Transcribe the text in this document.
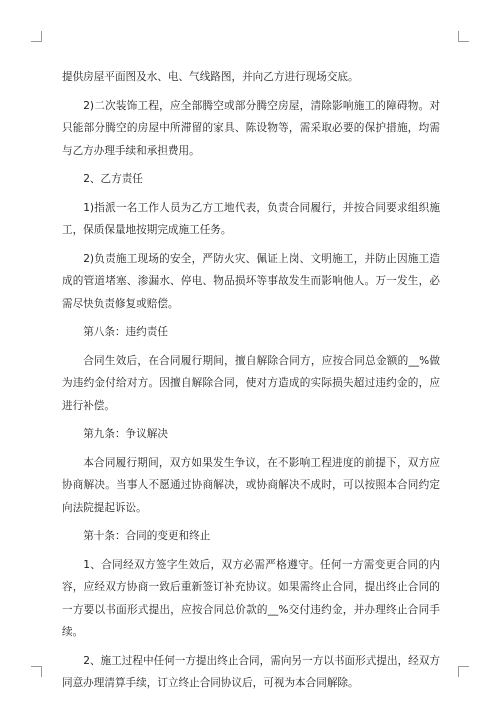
提供房屋平面图及水、电、气线路图，并向乙方进行现场交底。

2)二次装饰工程，应全部腾空或部分腾空房屋，清除影响施工的障碍物。对只能部分腾空的房屋中所滞留的家具、陈设物等，需采取必要的保护措施，均需与乙方办理手续和承担费用。

2、乙方责任

1)指派一名工作人员为乙方工地代表，负责合同履行，并按合同要求组织施工，保质保量地按期完成施工任务。

2)负责施工现场的安全，严防火灾、佩证上岗、文明施工，并防止因施工造成的管道堵塞、渗漏水、停电、物品损坏等事故发生而影响他人。万一发生，必需尽快负责修复或赔偿。

第八条：违约责任

合同生效后，在合同履行期间，擅自解除合同方，应按合同总金额的__%做为违约金付给对方。因擅自解除合同，使对方造成的实际损失超过违约金的，应进行补偿。

第九条：争议解决

本合同履行期间，双方如果发生争议，在不影响工程进度的前提下，双方应协商解决。当事人不愿通过协商解决，或协商解决不成时，可以按照本合同约定向法院提起诉讼。

第十条：合同的变更和终止

1、合同经双方签字生效后，双方必需严格遵守。任何一方需变更合同的内容，应经双方协商一致后重新签订补充协议。如果需终止合同，提出终止合同的一方要以书面形式提出，应按合同总价款的__%交付违约金，并办理终止合同手续。

2、施工过程中任何一方提出终止合同，需向另一方以书面形式提出，经双方同意办理清算手续，订立终止合同协议后，可视为本合同解除。
